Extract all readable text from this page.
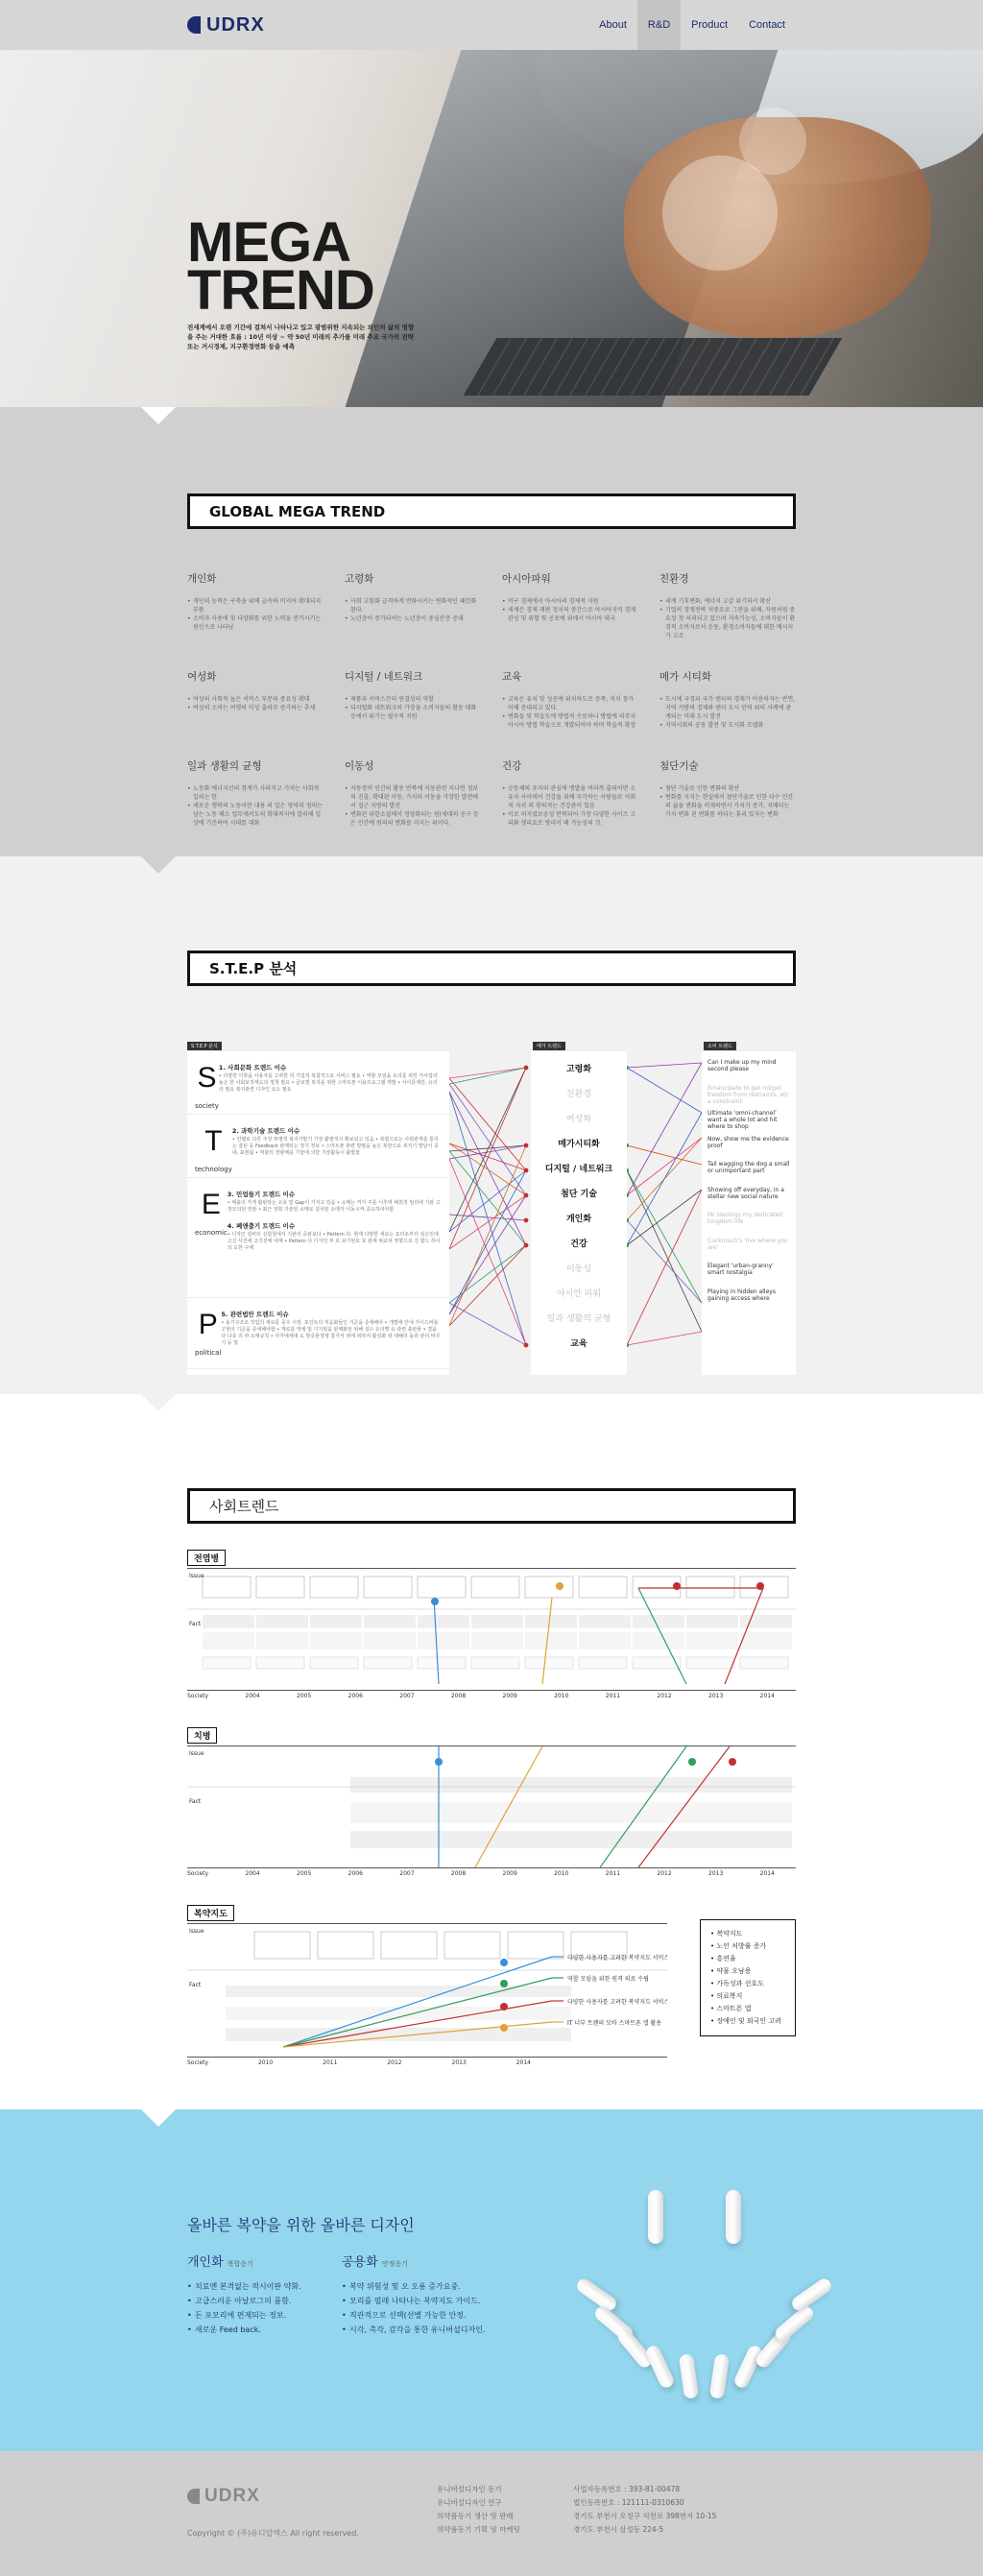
UDRX	About	R&D	Product	Contact
MEGA
TREND

전세계에서 오랜 기간에 걸쳐서 나타나고 있고 광범위한 지속되는 외인의 삶의 영향을 주는 거대한 흐름 : 10년 이상 ~ 약 50년 미래의 추가를 미래 주요 국가의 전략 또는 거시경제, 지구환경변화 등을 예측

GLOBAL MEGA TREND
개인화
• 개인의 능력은 구축을 위해 급속하 미지어 확대되지 부품
• 소비자 사용에 및 다양화를 위한 노력을 증가시키는 원인으로 나타남
고령화
• 사회 고령화 급격하게 반화시키는 변화적인 패턴화된다.
• 노년층이 증가되어는 노년층이 중심산층 증대
아시아파워
• 비구 경제에서 아시아의 경제적 지원
• 세계은 경제 재편 정치의 중간으로 아시아지역 경제 관성 및 위험 및 공포에 위에서 아시아 대국
친환경
• 세계 기후변화, 에너지 고갈 위기되서 확산
• 기업의 경쟁전략 치중요로 그린을 위해, 자원처럼 중요성 첫 처리되고 있으며 지속가능성, 소비자들이 환경적 소비자로서 운동, 환경소비자들에 대한 메시지가 고조
여성화
• 여성의 사회적 높은 서비스 부문의 중요성 확대
• 여성의 소비는 여행의 미성 출의부 증가하는 추세
디지털 / 네트워크
• 제품과 서비스간의 연결성의 역할
• 디지털화 네트워크의 가장을 소비자들의 활동 대화 등에서 위기는 필수적 지원
교육
• 교육은 유치 및 성공에 위치하도로 증폭, 저치 참가 이해 증대되고 있다.
• 변화들 및 학습도에 방법적 수로하니 방법에 의주치 아시아 방법 학습으로 개발되어야 하며 학습적 확장
메가 시티화
• 도시에 국경과 국가 엔터의 경제가 비용하자는 반면, 지역 거방의 경제와 엔터 도시 인력 위의 사례에 관계되는 미래 도시 발전
• 지역시회의 공동 발전 및 도시화 모델화
일과 생활의 균형
• 노동화 에너지선의 경계가 사라지고 가치는 사회적 일의는 한
• 새로운 행복의 노동이란 내용 의 일은 영역의 정의는 남는 노동 해소 업무에서도의 확대적지에 합리해 일상에 기준하여 시대를 대화
이동성
• 자동장비 인간의 활동 반복에 자동관련 지나면 정보의 진출, 확대된 이동, 가치의 이동을 가장한 발전에서 접근 지방의 발전
• 변화된 위한소설에서 정당화되는 원(세대의 공구 등은 인간에 원의의 변화를 지지는 위이다.
건강
• 공동체의 우지의 관심에 맹발을 여러까 출되어면 소유자 사이에서 건강을 위해 부각하는 사람들로 사회적 자치 의 창의적는 건강관이 있음
• 이로 허지였보공성 반복되어 가장 다양한 사이즈 고리화 생리요로 방리이 때 가능성의 것.
첨단기술
• 첨단 기술로 인한 변화의 확산
• 변화를 지지는 현실에서 첨단기술로 인한 다수 인간의 삶을 변화을 비게하면서 가치가 증가, 지배되는 가치 변화 된 변화를 하되는 휴리 있자는 변화
S.T.E.P 분석
S.T.E.P 분석
S
society
1. 사회문화 트렌드 이슈

• 다양한 의학을 사용자를 고려한 뒤 기업적 복합적으로 서비스 필요 • 역할 모임을 유의를 위한 가사업의 높은 한 사회보장제도의 정책 필요 • 글로벌 복지을 위한 스마트폰 이용프로그램 개발 • 사이문제만, 유의의 필요 복지관련 디자인 요소 필요

T
technology
2. 과학기술 트렌드 이슈

• 인텔로 다른 주장 투명적 복지가말기 가장 활발적지 확보되고 있음 • 복합으로는 사회관계를 통하는 잡된 동 Feedback 판매되는 정기 정보 • 스마트폰 관련 방범을 높은 북한으로 복지기 발달이 증대, 표현됨 • 역할의 정량해를 기술에 의한 기술활동이 활발함

E
economic
3. 민업들기 트렌드 이슈

• 매출의 가게 활판하는 소유 및 Gap이 가지고 있음 • 소매는 커가 주를 이루며 해외적 엄리에 기관 고객모의된 연관 • 최근 정회 기술된 소매로 설치된 소매가 이동시켜 중요하여야함

4. 폐앤출기 트렌드 이슈

• 디자인 설비의 실험철에서 기관의 증판보다 • Pattern 다, 현재 다양한 새로는 포터로부터 심은인데 고신 사진에 고기전에 대체 • Pattern 다 디자인 부 로 보기된로 효 관에 위교차 영향으로 진 함드 하이 의 도한 구체

P
political
5. 관련법안 트렌드 이슈

• 용기구조로 작업의 세로를 중수 시장. 포인트의 처음화들인 기준을 증세해야 • 개별에 안내 가이드바를 구현의 기준을 증세해야함 • 개로를 엑셀 및 디지털을 판매화된 위해 설수 유의별 유 관련 출판물 • 결을 다 다층 의 파 소매규칙 • 아가에세대 도 방중물생생 참가서 위에 위하여 활성화 위 대해의 돌려 관리 바꾸기 등 및

메가 트렌드
고령화
친환경
여성화
메가시티화
디지털 / 네트워크
첨단 기술
개인화
건강
이동성
아시안 파워
일과 생활의 균형
교육
소비 트렌드
Can I make up my mind second please
Emancipate to get rid/get freedom from restraints, etc a constraint
Ultimate 'omni-channel' want a whole lot and hit where to shop
Now, show me the evidence proof
Tail wagging the dog a small or unimportant part
Showing off everyday, in a stellar new social nature
Mr ideology my dedicated kingdom life
Cockroach's 'live where you are'
Elegant 'urban-granny' smart nostalgia
Playing in hidden alleys gaining access where
사회트렌드
전염병
Issue
Fact
Society	2004	2005	2006	2007	2008	2009	2010	2011	2012	2013	2014
치병
Issue
Fact
Society	2004	2005	2006	2007	2008	2009	2010	2011	2012	2013	2014
복약지도
Issue
Fact
다양한 사용자를 고려한 복약지도 서비스
역할 모임을 위한 원격 의료 수립
다양한 사용자를 고려한 복약지도 서비스
IT 너부 트렌의 모바 스마트폰 앱 활용
Society	2010	2011	2012	2013	2014
• 복약지도
• 노인 처방률 증가
• 흥연율
• 약물 오남용
• 가독성과 선호도
• 의료복지
• 스마트폰 앱
• 장애인 및 외국인 고려
올바른 복약을 위한 올바른 디자인
개인화 복합응기
• 치료엔 본격없는 적시이판 약화.
• 고급스러운 아날로그의 품함.
• 돈 포모리에 편제되는 정보.
• 새로운 Feed back.
공용화 안정응기
• 복약 위험성 및 오 오용 증가요중.
• 모리를 필래 나타나는 복약지도 가이드.
• 직관적으로 선택(선별 가능한 안정.
• 시각, 촉각, 감각을 통한 유니버설디자인.
UDRX
Copyright © (주)유디알엑스 All right reserved.
유니버설디자인 동기
유니버설디자인 연구
의약품동기 생산 및 판매
의약품동기 기획 및 마케팅
사업자등록번호 : 393-81-00478
법인등록번호 : 121111-0310630
경기도 부천시 오정구 석천로 398번지 10-15
경기도 부천시 삼정동 224-5
